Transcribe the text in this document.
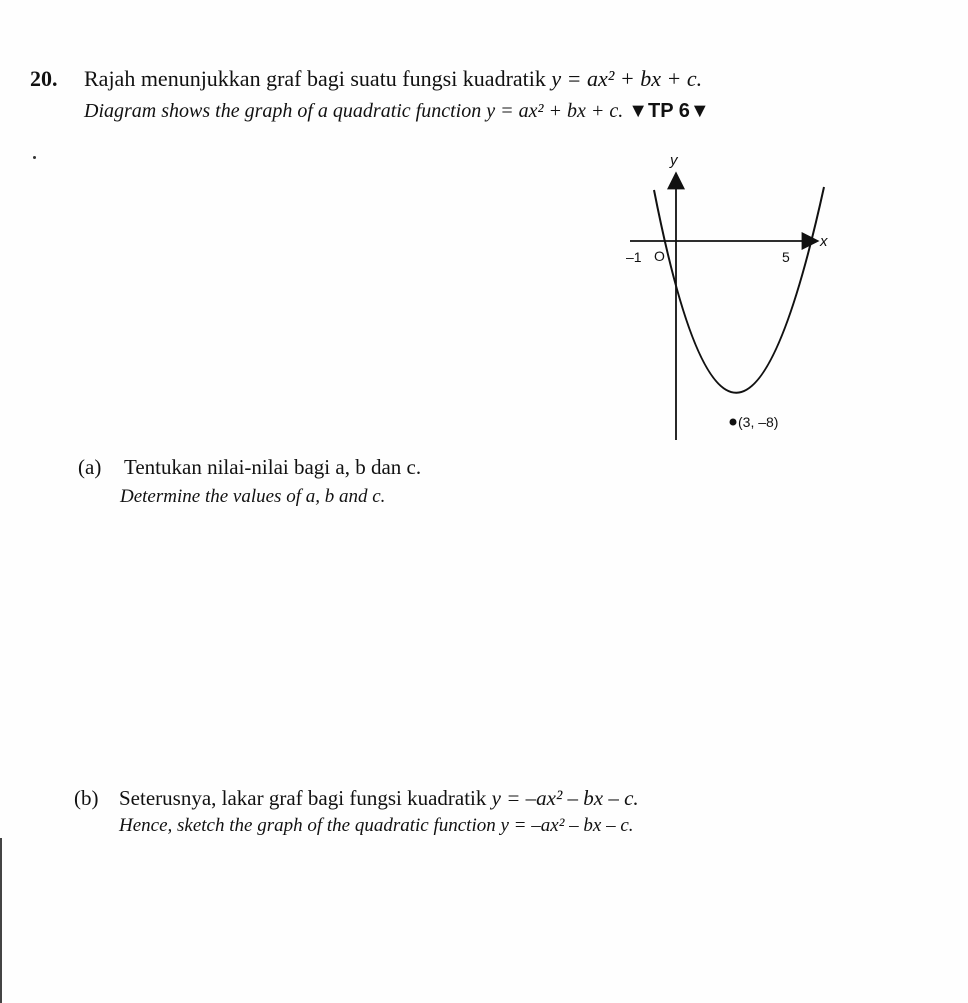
20. Rajah menunjukkan graf bagi suatu fungsi kuadratik y = ax² + bx + c.
Diagram shows the graph of a quadratic function y = ax² + bx + c. ▼TP 6▼
y
x
O
–1	5
(3, –8)
(a) Tentukan nilai-nilai bagi a, b dan c.
Determine the values of a, b and c.
(b) Seterusnya, lakar graf bagi fungsi kuadratik y = –ax² – bx – c.
Hence, sketch the graph of the quadratic function y = –ax² – bx – c.
